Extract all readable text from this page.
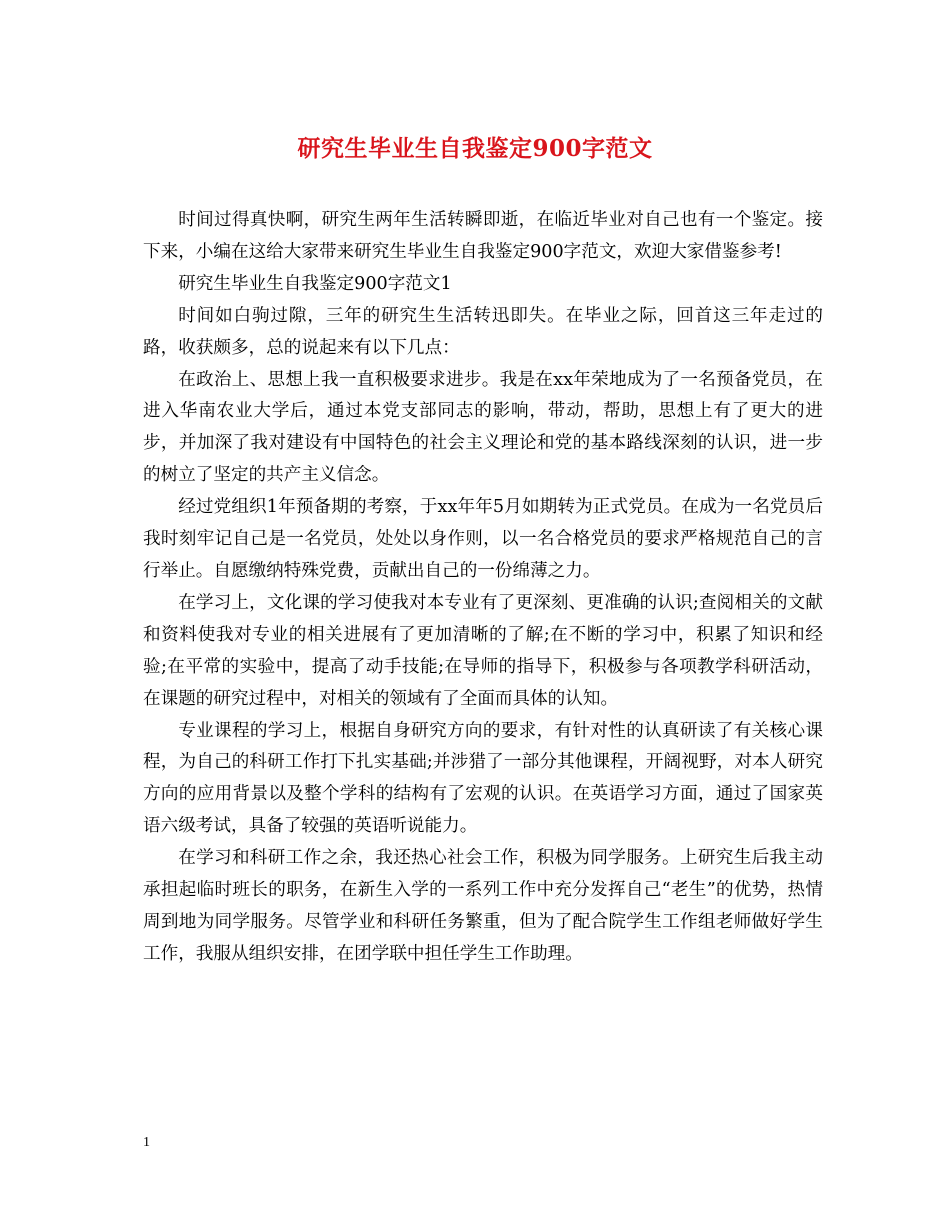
研究生毕业生自我鉴定900字范文

时间过得真快啊，研究生两年生活转瞬即逝，在临近毕业对自己也有一个鉴定。接下来，小编在这给大家带来研究生毕业生自我鉴定900字范文，欢迎大家借鉴参考!

研究生毕业生自我鉴定900字范文1

时间如白驹过隙，三年的研究生生活转迅即失。在毕业之际，回首这三年走过的路，收获颇多，总的说起来有以下几点：

在政治上、思想上我一直积极要求进步。我是在xx年荣地成为了一名预备党员，在进入华南农业大学后，通过本党支部同志的影响，带动，帮助，思想上有了更大的进步，并加深了我对建设有中国特色的社会主义理论和党的基本路线深刻的认识，进一步的树立了坚定的共产主义信念。

经过党组织1年预备期的考察，于xx年年5月如期转为正式党员。在成为一名党员后我时刻牢记自己是一名党员，处处以身作则，以一名合格党员的要求严格规范自己的言行举止。自愿缴纳特殊党费，贡献出自己的一份绵薄之力。

在学习上，文化课的学习使我对本专业有了更深刻、更准确的认识;查阅相关的文献和资料使我对专业的相关进展有了更加清晰的了解;在不断的学习中，积累了知识和经验;在平常的实验中，提高了动手技能;在导师的指导下，积极参与各项教学科研活动，在课题的研究过程中，对相关的领域有了全面而具体的认知。

专业课程的学习上，根据自身研究方向的要求，有针对性的认真研读了有关核心课程，为自己的科研工作打下扎实基础;并涉猎了一部分其他课程，开阔视野，对本人研究方向的应用背景以及整个学科的结构有了宏观的认识。在英语学习方面，通过了国家英语六级考试，具备了较强的英语听说能力。

在学习和科研工作之余，我还热心社会工作，积极为同学服务。上研究生后我主动承担起临时班长的职务，在新生入学的一系列工作中充分发挥自己“老生”的优势，热情周到地为同学服务。尽管学业和科研任务繁重，但为了配合院学生工作组老师做好学生工作，我服从组织安排，在团学联中担任学生工作助理。

1
